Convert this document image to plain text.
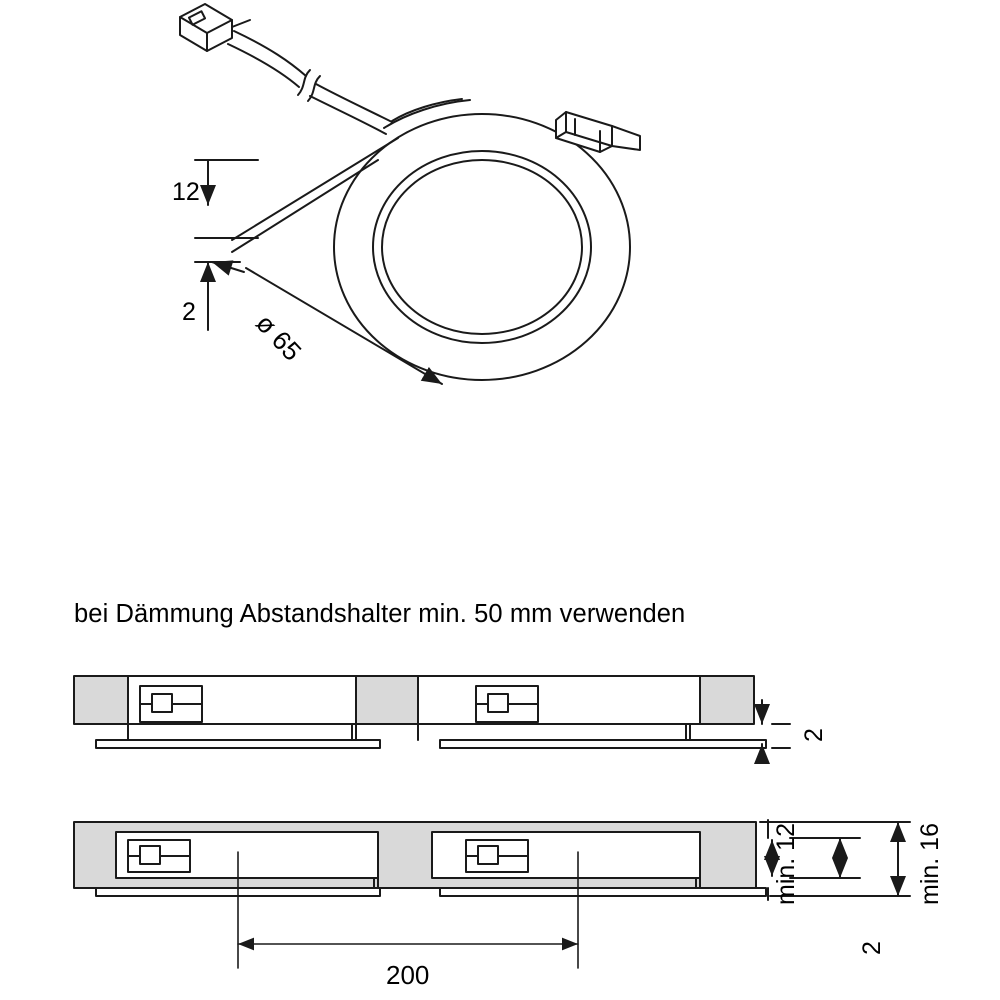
bei Dämmung Abstandshalter min. 50 mm verwenden
12
2 ø 65
200
2
min. 12
2
min. 16
